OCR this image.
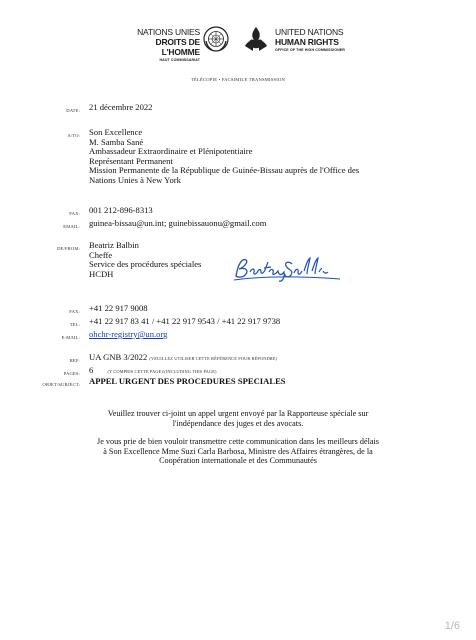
NATIONS UNIES
DROITS DE L'HOMME
HAUT COMMISSARIAT
UNITED NATIONS
HUMAN RIGHTS
OFFICE OF THE HIGH COMMISSIONER
TÉLÉCOPIE • FACSIMILE TRANSMISSION
DATE: 21 décembre 2022
A/TO: Son Excellence
M. Samba Sané
Ambassadeur Extraordinaire et Plénipotentiaire
Représentant Permanent
Mission Permanente de la République de Guinée-Bissau auprès de l'Office des
Nations Unies à New York
FAX: 001 212-896-8313
EMAIL: guinea-bissau@un.int; guinebissauonu@gmail.com
DE/FROM: Beatriz Balbin
Cheffe
Service des procédures spéciales
HCDH
FAX: +41 22 917 9008
TEL: +41 22 917 83 41 / +41 22 917 9543 / +41 22 917 9738
E-MAIL: ohchr-registry@un.org
REF: UA GNB 3/2022 (VEUILLEZ UTILISER CETTE RÉFÉRENCE POUR RÉPONDRE)
PAGES: 6	(Y COMPRIS CETTE PAGE)/(INCLUDING THIS PAGE)
OBJET/SUBJECT: APPEL URGENT DES PROCEDURES SPECIALES
Veuillez trouver ci-joint un appel urgent envoyé par la Rapporteuse spéciale sur
l'indépendance des juges et des avocats.
Je vous prie de bien vouloir transmettre cette communication dans les meilleurs délais
à Son Excellence Mme Suzi Carla Barbosa, Ministre des Affaires étrangères, de la
Coopération internationale et des Communautés
1/6
